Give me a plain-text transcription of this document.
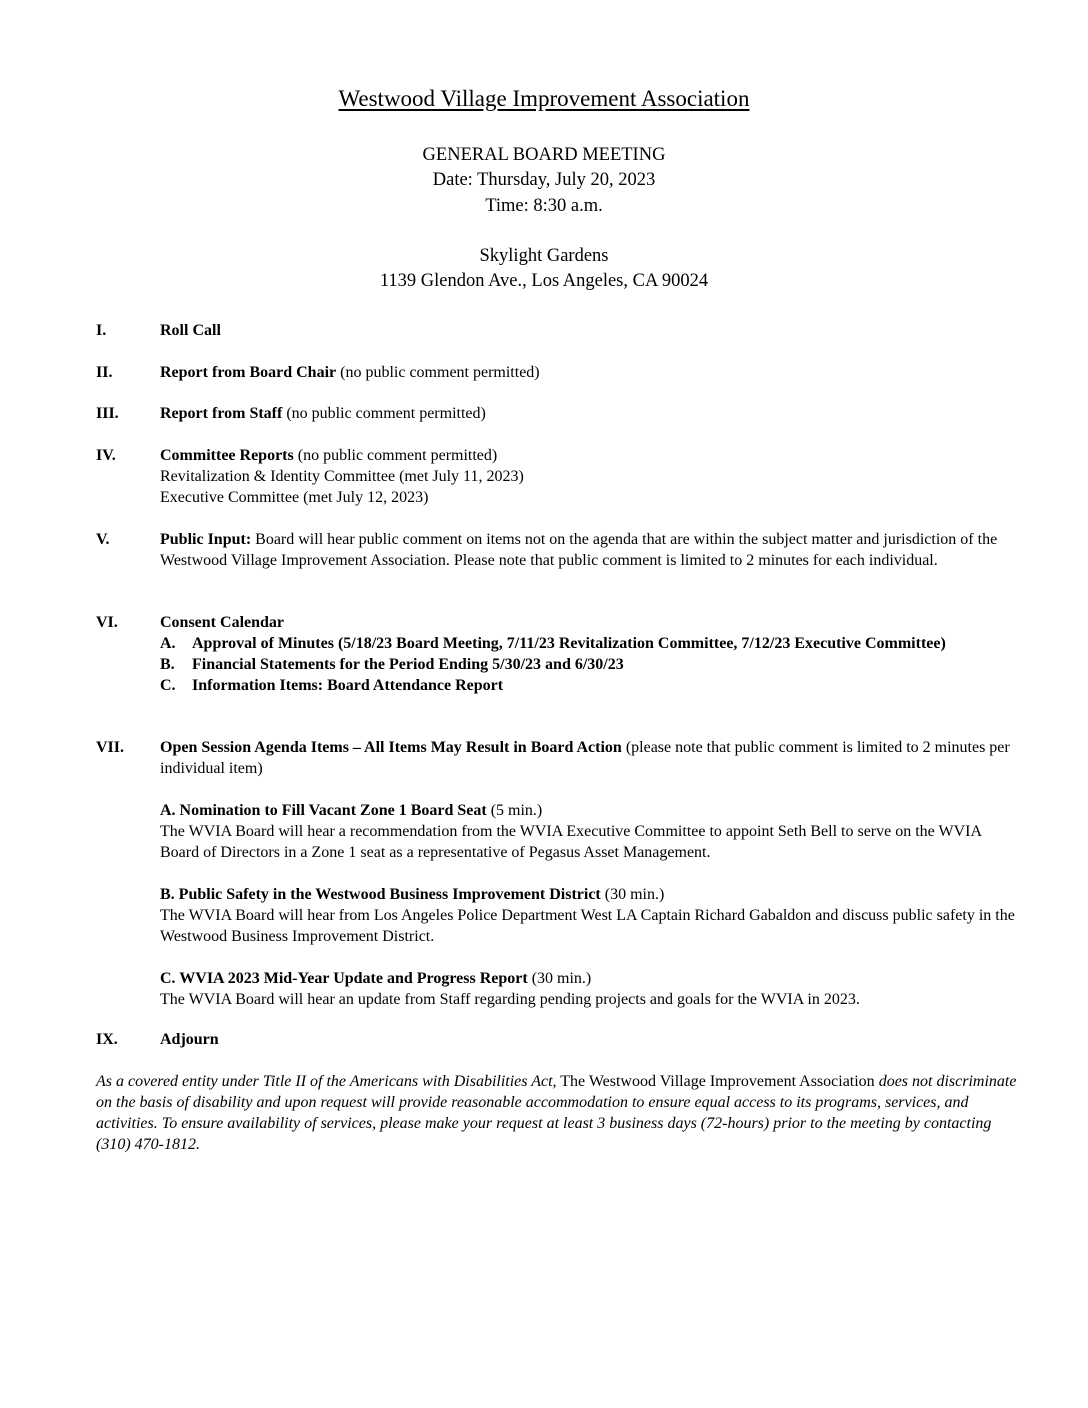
Westwood Village Improvement Association
GENERAL BOARD MEETING
Date: Thursday, July 20, 2023
Time: 8:30 a.m.
Skylight Gardens
1139 Glendon Ave., Los Angeles, CA 90024
I.	Roll Call
II.	Report from Board Chair (no public comment permitted)
III.	Report from Staff (no public comment permitted)
IV.	Committee Reports (no public comment permitted)
Revitalization & Identity Committee (met July 11, 2023)
Executive Committee (met July 12, 2023)
V.	Public Input: Board will hear public comment on items not on the agenda that are within the subject matter and jurisdiction of the Westwood Village Improvement Association. Please note that public comment is limited to 2 minutes for each individual.
VI.	Consent Calendar
A. Approval of Minutes (5/18/23 Board Meeting, 7/11/23 Revitalization Committee, 7/12/23 Executive Committee)
B. Financial Statements for the Period Ending 5/30/23 and 6/30/23
C. Information Items: Board Attendance Report
VII. Open Session Agenda Items – All Items May Result in Board Action (please note that public comment is limited to 2 minutes per individual item)
A. Nomination to Fill Vacant Zone 1 Board Seat (5 min.)
The WVIA Board will hear a recommendation from the WVIA Executive Committee to appoint Seth Bell to serve on the WVIA Board of Directors in a Zone 1 seat as a representative of Pegasus Asset Management.
B. Public Safety in the Westwood Business Improvement District (30 min.)
The WVIA Board will hear from Los Angeles Police Department West LA Captain Richard Gabaldon and discuss public safety in the Westwood Business Improvement District.
C. WVIA 2023 Mid-Year Update and Progress Report (30 min.)
The WVIA Board will hear an update from Staff regarding pending projects and goals for the WVIA in 2023.
IX.	Adjourn
As a covered entity under Title II of the Americans with Disabilities Act, The Westwood Village Improvement Association does not discriminate on the basis of disability and upon request will provide reasonable accommodation to ensure equal access to its programs, services, and activities. To ensure availability of services, please make your request at least 3 business days (72-hours) prior to the meeting by contacting (310) 470-1812.
